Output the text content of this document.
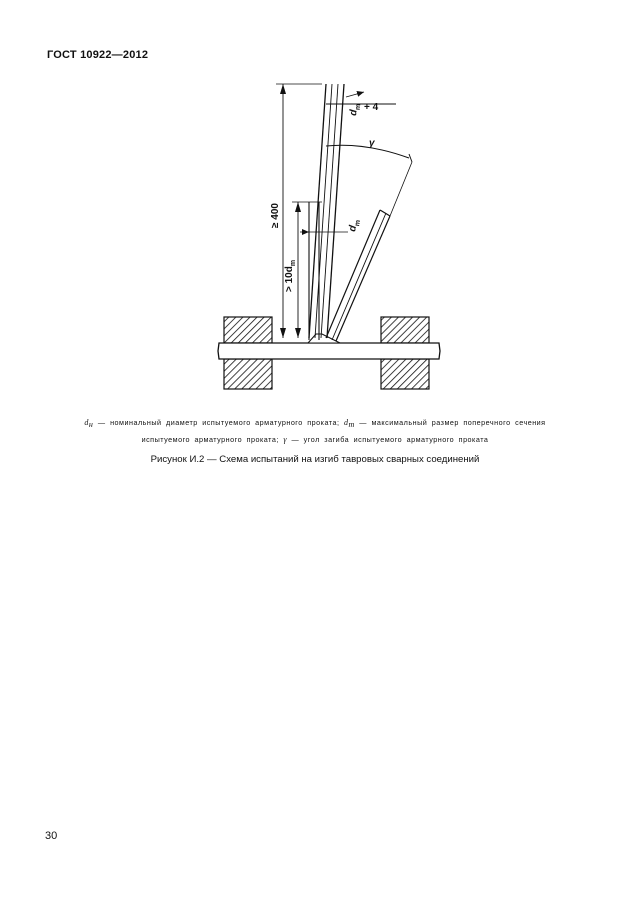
ГОСТ 10922—2012
γ
$d_m + 4$
≥ 400
> $10d_m$
$d_m$
$d_н$ — номинальный диаметр испытуемого арматурного проката; $d_m$ — максимальный размер поперечного сечения испытуемого арматурного проката; γ — угол загиба испытуемого арматурного проката
Рисунок И.2 — Схема испытаний на изгиб тавровых сварных соединений
30
